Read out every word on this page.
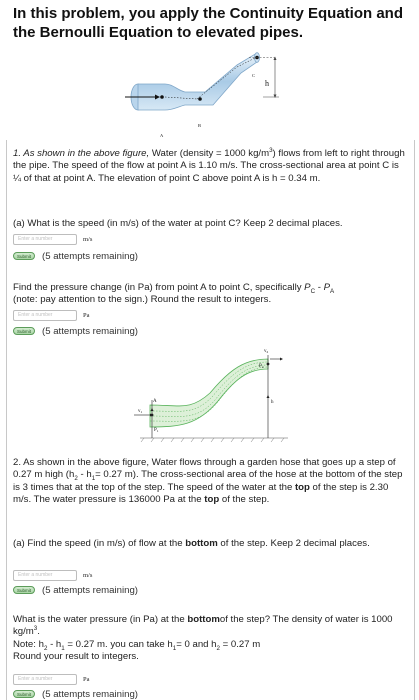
In this problem, you apply the Continuity Equation and the Bernoulli Equation to elevated pipes.
C
h
A
B
1. As shown in the above figure, Water (density = 1000 $kg/m^3$) flows from left to right through the pipe. The speed of the flow at point A is 1.10 m/s. The cross-sectional area at point C is ¼ of that at point A. The elevation of point C above point A is h = 0.34 m.
(a) What is the speed (in m/s) of the water at point C? Keep 2 decimal places.
Enter a number
m/s
Submit	(5 attempts remaining)
Find the pressure change (in Pa) from point A to point C, specifically $P_C - P_A$
(note: pay attention to the sign.) Round the result to integers.
Enter a number
Pa
Submit	(5 attempts remaining)
$v_2$
$P_2$
h
$v_1$
$P_1$
A
2. As shown in the above figure, Water flows through a garden hose that goes up a step of 0.27 m high ($h_2 - h_1= 0.27$ m). The cross-sectional area of the hose at the bottom of the step is 3 times that at the top of the step. The speed of the water at the top of the step is 2.30 m/s. The water pressure is 136000 Pa at the top of the step.
(a) Find the speed (in m/s) of flow at the bottom of the step. Keep 2 decimal places.
Enter a number
m/s
Submit	(5 attempts remaining)
What is the water pressure (in Pa) at the bottomof the step? The density of water is 1000 $kg/m^3$.
Note: $h_2 - h_1 = 0.27$ m. you can take $h_1= 0$ and $h_2 = 0.27$ m
Round your result to integers.
Enter a number
Pa
Submit	(5 attempts remaining)
